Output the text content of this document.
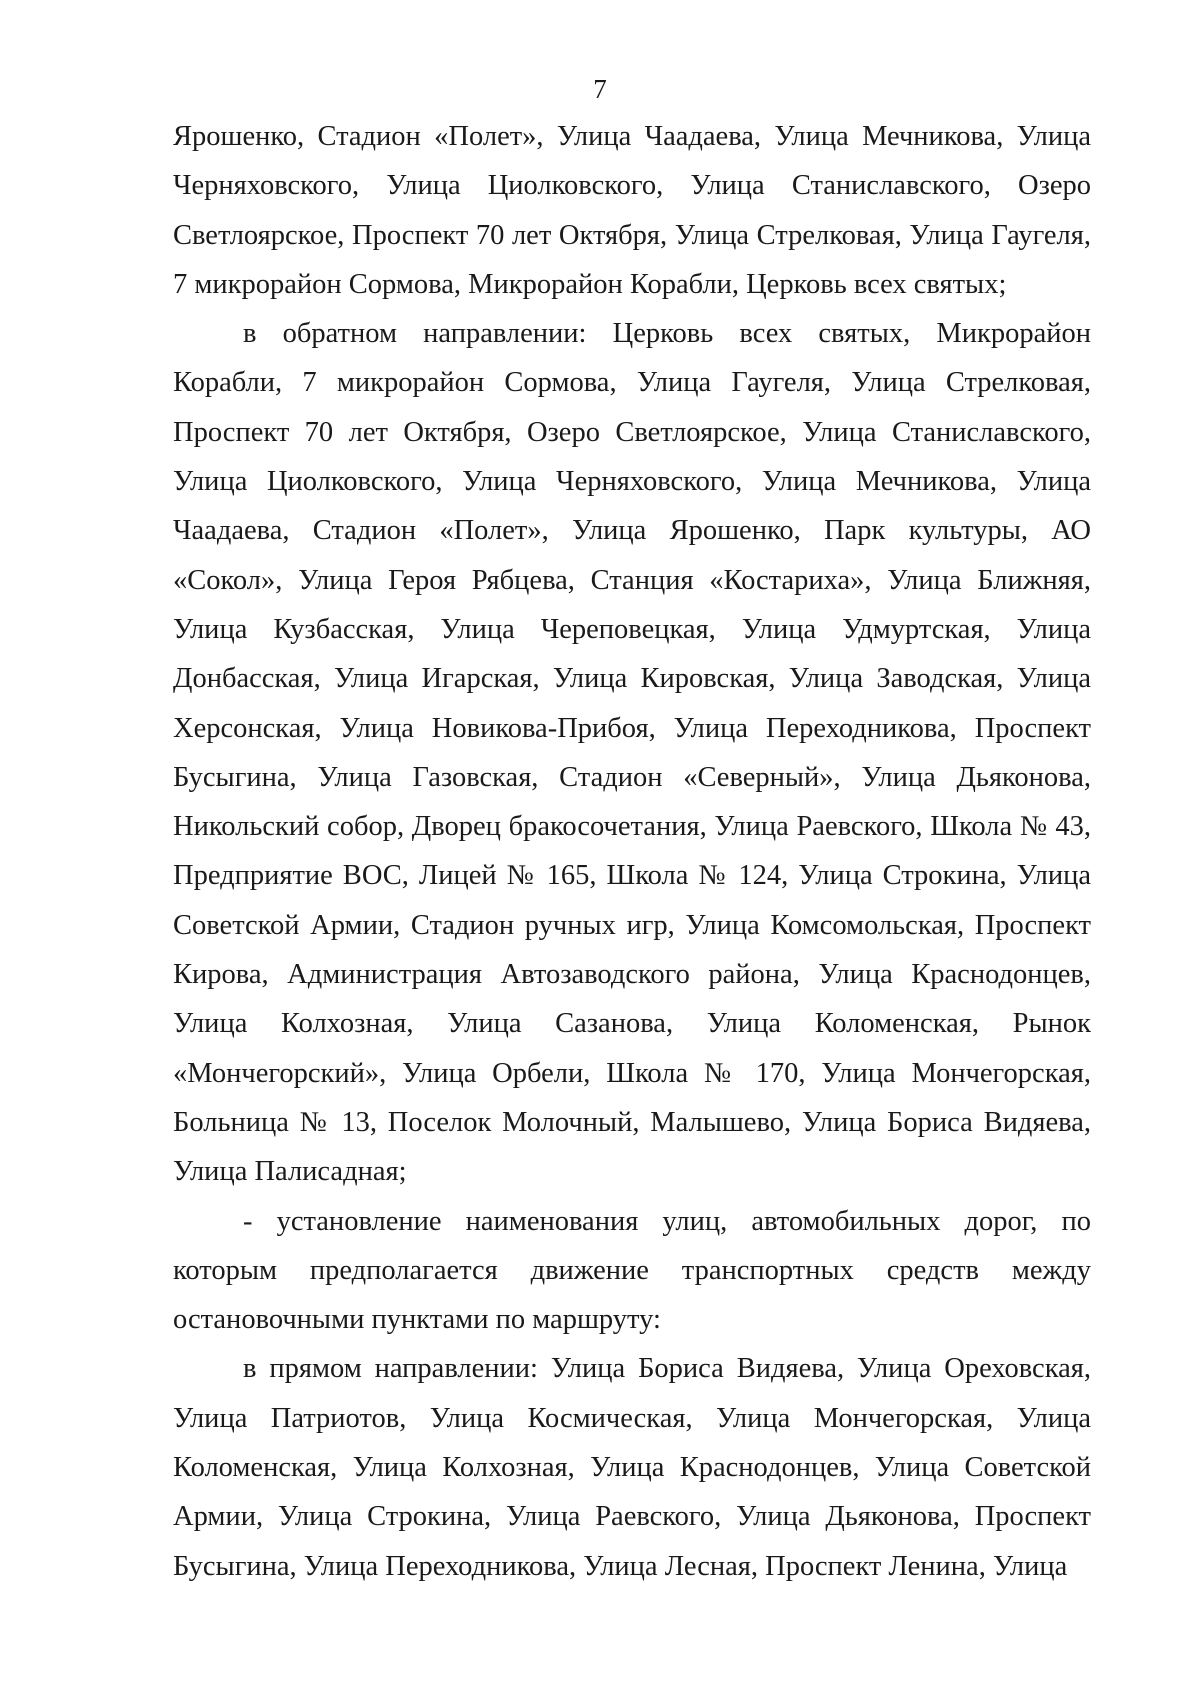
7

Ярошенко, Стадион «Полет», Улица Чаадаева, Улица Мечникова, Улица Черняховского, Улица Циолковского, Улица Станиславского, Озеро Светлоярское, Проспект 70 лет Октября, Улица Стрелковая, Улица Гаугеля, 7 микрорайон Сормова, Микрорайон Корабли, Церковь всех святых;

в обратном направлении: Церковь всех святых, Микрорайон Корабли, 7 микрорайон Сормова, Улица Гаугеля, Улица Стрелковая, Проспект 70 лет Октября, Озеро Светлоярское, Улица Станиславского, Улица Циолковского, Улица Черняховского, Улица Мечникова, Улица Чаадаева, Стадион «Полет», Улица Ярошенко, Парк культуры, АО «Сокол», Улица Героя Рябцева, Станция «Костариха», Улица Ближняя, Улица Кузбасская, Улица Череповецкая, Улица Удмуртская, Улица Донбасская, Улица Игарская, Улица Кировская, Улица Заводская, Улица Херсонская, Улица Новикова-Прибоя, Улица Переходникова, Проспект Бусыгина, Улица Газовская, Стадион «Северный», Улица Дьяконова, Никольский собор, Дворец бракосочетания, Улица Раевского, Школа № 43, Предприятие ВОС, Лицей № 165, Школа № 124, Улица Строкина, Улица Советской Армии, Стадион ручных игр, Улица Комсомольская, Проспект Кирова, Администрация Автозаводского района, Улица Краснодонцев, Улица Колхозная, Улица Сазанова, Улица Коломенская, Рынок «Мончегорский», Улица Орбели, Школа № 170, Улица Мончегорская, Больница № 13, Поселок Молочный, Малышево, Улица Бориса Видяева, Улица Палисадная;

- установление наименования улиц, автомобильных дорог, по которым предполагается движение транспортных средств между остановочными пунктами по маршруту:

в прямом направлении: Улица Бориса Видяева, Улица Ореховская, Улица Патриотов, Улица Космическая, Улица Мончегорская, Улица Коломенская, Улица Колхозная, Улица Краснодонцев, Улица Советской Армии, Улица Строкина, Улица Раевского, Улица Дьяконова, Проспект Бусыгина, Улица Переходникова, Улица Лесная, Проспект Ленина, Улица
